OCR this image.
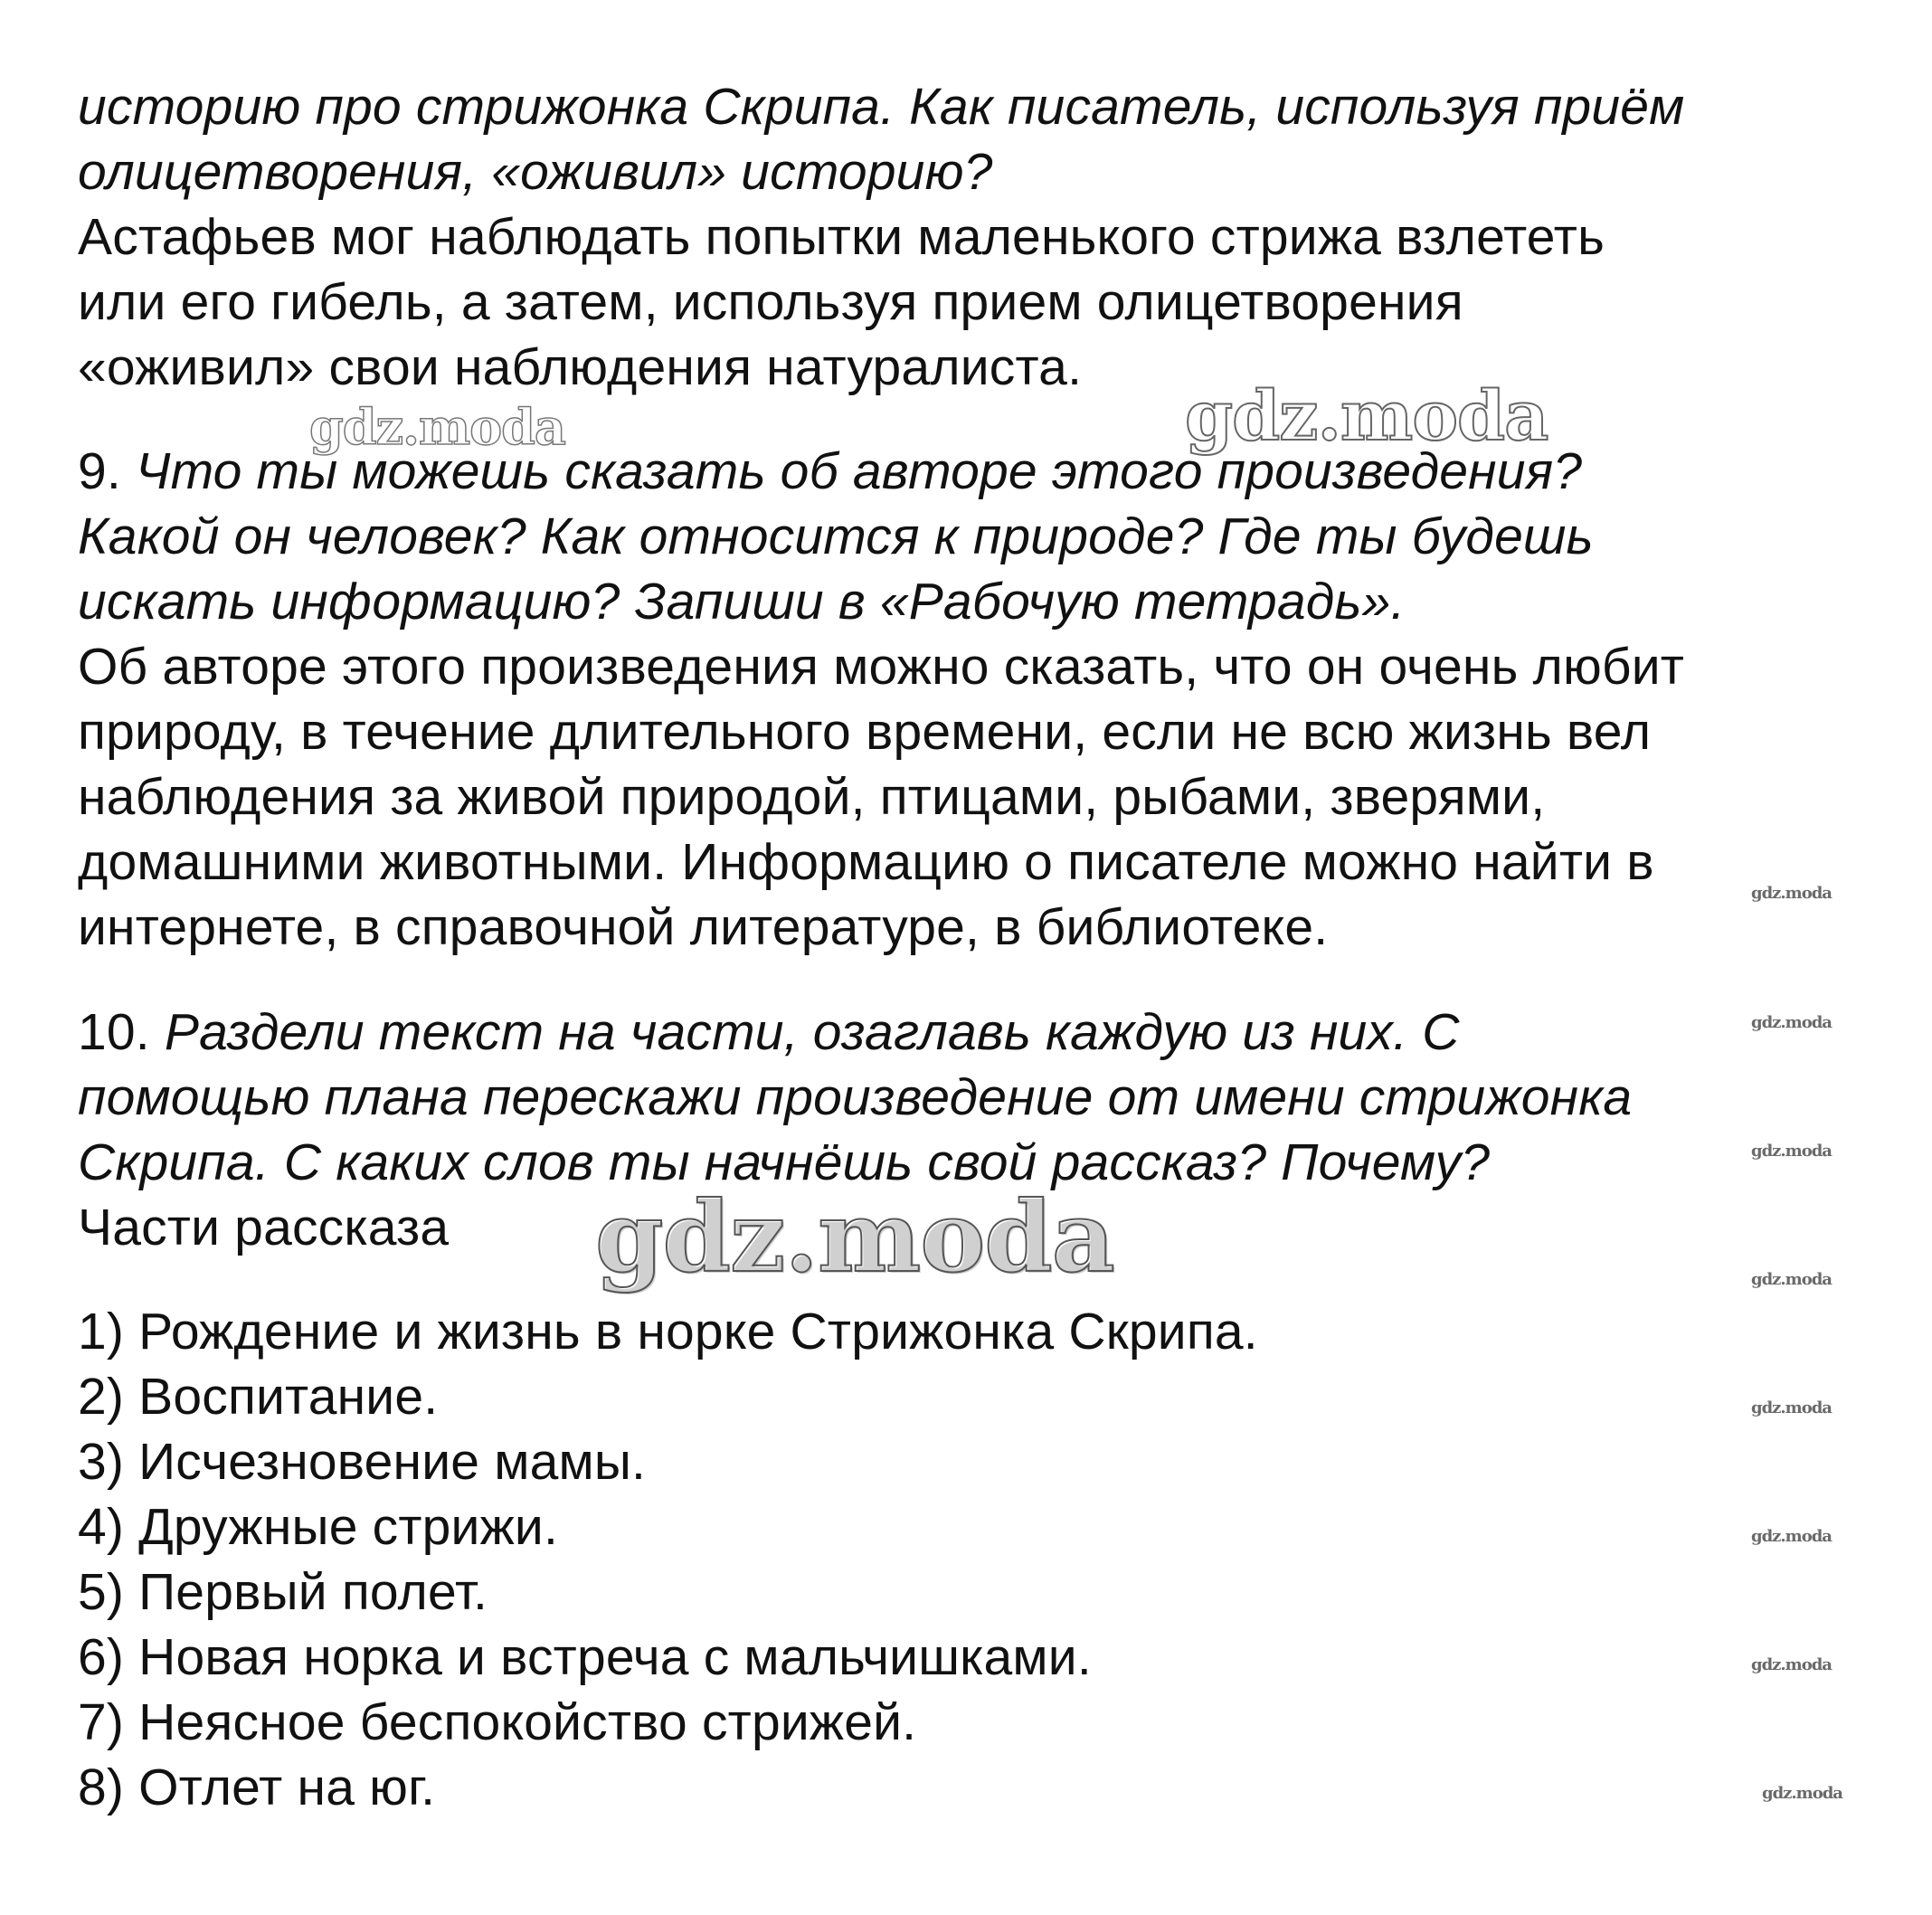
историю про стрижонка Скрипа. Как писатель, используя приём
олицетворения, «оживил» историю?
Астафьев мог наблюдать попытки маленького стрижа взлететь
или его гибель, а затем, используя прием олицетворения
«оживил» свои наблюдения натуралиста.
9. Что ты можешь сказать об авторе этого произведения?
Какой он человек? Как относится к природе? Где ты будешь
искать информацию? Запиши в «Рабочую тетрадь».
Об авторе этого произведения можно сказать, что он очень любит
природу, в течение длительного времени, если не всю жизнь вел
наблюдения за живой природой, птицами, рыбами, зверями,
домашними животными. Информацию о писателе можно найти в
интернете, в справочной литературе, в библиотеке.
10. Раздели текст на части, озаглавь каждую из них. С
помощью плана перескажи произведение от имени стрижонка
Скрипа. С каких слов ты начнёшь свой рассказ? Почему?
Части рассказа
1) Рождение и жизнь в норке Стрижонка Скрипа.
2) Воспитание.
3) Исчезновение мамы.
4) Дружные стрижи.
5) Первый полет.
6) Новая норка и встреча с мальчишками.
7) Неясное беспокойство стрижей.
8) Отлет на юг.
gdz.moda	gdz.moda
gdz.moda
gdz.moda
gdz.moda
gdz.moda
gdz.moda
gdz.moda
gdz.moda
gdz.moda
gdz.moda
